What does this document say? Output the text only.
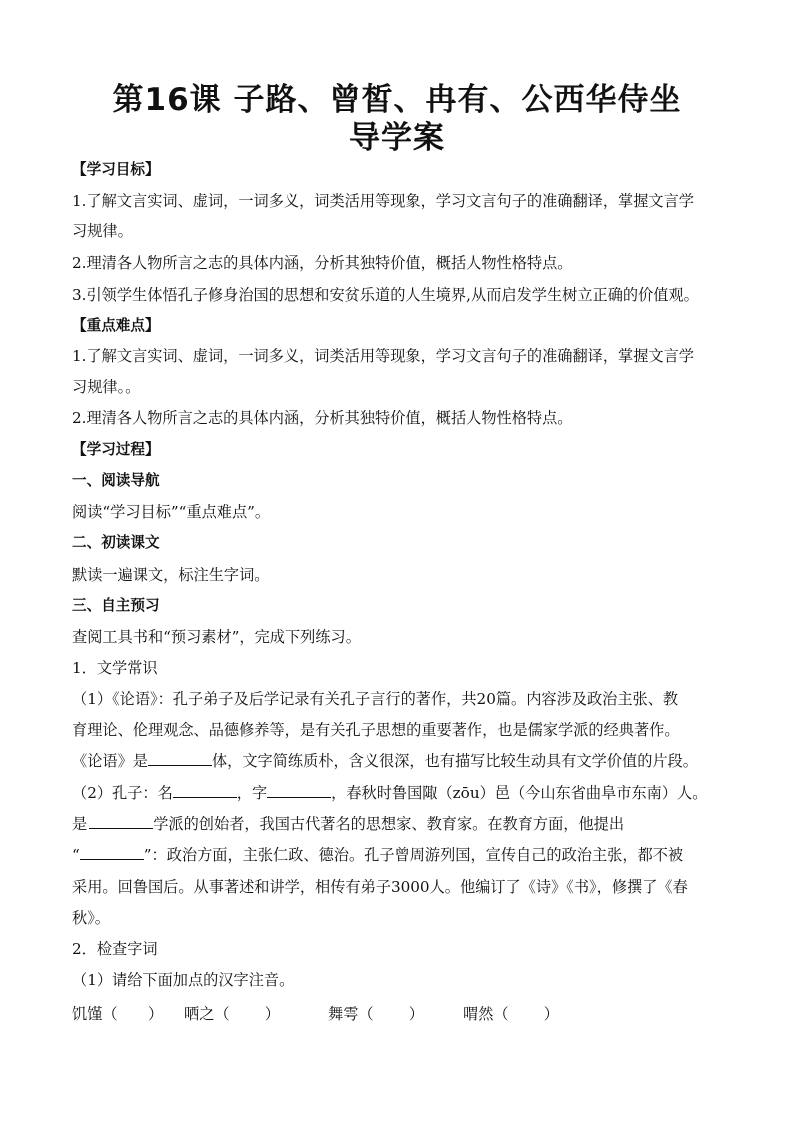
第16课 子路、曾皙、冉有、公西华侍坐
导学案
【学习目标】
1.了解文言实词、虚词，一词多义，词类活用等现象，学习文言句子的准确翻译，掌握文言学
习规律。
2.理清各人物所言之志的具体内涵，分析其独特价值，概括人物性格特点。
3.引领学生体悟孔子修身治国的思想和安贫乐道的人生境界,从而启发学生树立正确的价值观。
【重点难点】
1.了解文言实词、虚词，一词多义，词类活用等现象，学习文言句子的准确翻译，掌握文言学
习规律。。
2.理清各人物所言之志的具体内涵，分析其独特价值，概括人物性格特点。
【学习过程】
一、阅读导航
阅读“学习目标”“重点难点”。
二、初读课文
默读一遍课文，标注生字词。
三、自主预习
查阅工具书和“预习素材”，完成下列练习。
1．文学常识
（1）《论语》：孔子弟子及后学记录有关孔子言行的著作，共20篇。内容涉及政治主张、教
育理论、伦理观念、品德修养等，是有关孔子思想的重要著作，也是儒家学派的经典著作。
《论语》是	体，文字简练质朴，含义很深，也有描写比较生动具有文学价值的片段。
（2）孔子：名	，字	，春秋时鲁国陬（zōu）邑（今山东省曲阜市东南）人。
是	学派的创始者，我国古代著名的思想家、教育家。在教育方面，他提出
“	”：政治方面，主张仁政、德治。孔子曾周游列国，宣传自己的政治主张，都不被
采用。回鲁国后。从事著述和讲学，相传有弟子3000人。他编订了《诗》《书》，修撰了《春
秋》。
2．检查字词
（1）请给下面加点的汉字注音。
饥馑（　　） 哂之（　　 ）	舞雩（　　 ）	喟然（　　 ）
